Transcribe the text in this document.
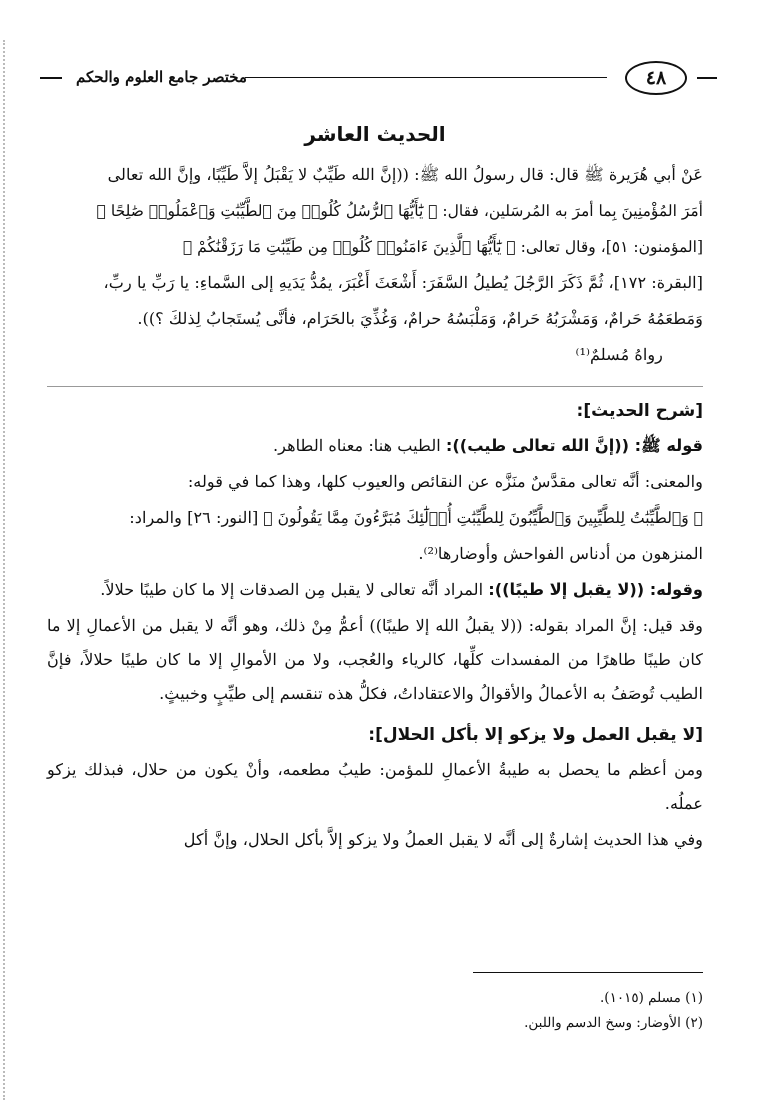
مختصر جامع العلوم والحكم	٤٨
الحديث العاشر

عَنْ أبي هُرَيرة ﷺ قال: قال رسولُ الله ﷺ: ((إنَّ الله طَيِّبٌ لا يَقْبَلُ إلاَّ طَيِّبًا، وإنَّ الله تعالى

أمَرَ المُؤْمنِينَ بِما أمرَ به المُرسَلين، فقال: ﴿ يَٰٓأَيُّهَا ٱلرُّسُلُ كُلُوا۟ مِنَ ٱلطَّيِّبَٰتِ وَٱعْمَلُوا۟ صَٰلِحًا ﴾

[المؤمنون: ٥١]، وقال تعالى: ﴿ يَٰٓأَيُّهَا ٱلَّذِينَ ءَامَنُوا۟ كُلُوا۟ مِن طَيِّبَٰتِ مَا رَزَقْنَٰكُمْ ﴾

[البقرة: ١٧٢]، ثُمَّ ذَكَرَ الرَّجُلَ يُطيلُ السَّفَرَ: أَشْعَثَ أَغْبَرَ، يمُدُّ يَدَيهِ إلى السَّماءِ: يا رَبِّ يا ربِّ،

وَمَطعَمُهُ حَرامٌ، وَمَشْرَبُهُ حَرامٌ، وَمَلْبَسُهُ حرامٌ، وَغُذِّيَ بالحَرَام، فأنَّى يُستَجابُ لِذلكَ ؟)).

رواهُ مُسلمٌ⁽¹⁾

[شرح الحديث]:

قوله ﷺ: ((إنَّ الله تعالى طيب)): الطيب هنا: معناه الطاهر.

والمعنى: أنَّه تعالى مقدَّسٌ منَزَّه عن النقائص والعيوب كلها، وهذا كما في قوله:

﴿ وَٱلطَّيِّبَٰتُ لِلطَّيِّبِينَ وَٱلطَّيِّبُونَ لِلطَّيِّبَٰتِ أُو۟لَٰٓئِكَ مُبَرَّءُونَ مِمَّا يَقُولُونَ ﴾ [النور: ٢٦] والمراد:

المنزهون من أدناس الفواحش وأوضارها⁽²⁾.

وقوله: ((لا يقبل إلا طيبًا)): المراد أنَّه تعالى لا يقبل مِن الصدقات إلا ما كان طيبًا حلالاً.

وقد قيل: إنَّ المراد بقوله: ((لا يقبلُ الله إلا طيبًا)) أعمُّ مِنْ ذلك، وهو أنَّه لا يقبل من الأعمالِ إلا ما كان طيبًا طاهرًا من المفسدات كلِّها، كالرياء والعُجب، ولا من الأموالِ إلا ما كان طيبًا حلالاً، فإنَّ الطيب تُوصَفُ به الأعمالُ والأقوالُ والاعتقاداتُ، فكلُّ هذه تنقسم إلى طيِّبٍ وخبيثٍ.

[لا يقبل العمل ولا يزكو إلا بأكل الحلال]:

ومن أعظم ما يحصل به طيبةُ الأعمالِ للمؤمن: طيبُ مطعمه، وأنْ يكون من حلال، فبذلك يزكو عملُه.

وفي هذا الحديث إشارةٌ إلى أنَّه لا يقبل العملُ ولا يزكو إلاَّ بأكل الحلال، وإنَّ أكل

(١) مسلم (١٠١٥).
(٢) الأوضار: وسخ الدسم واللبن.
